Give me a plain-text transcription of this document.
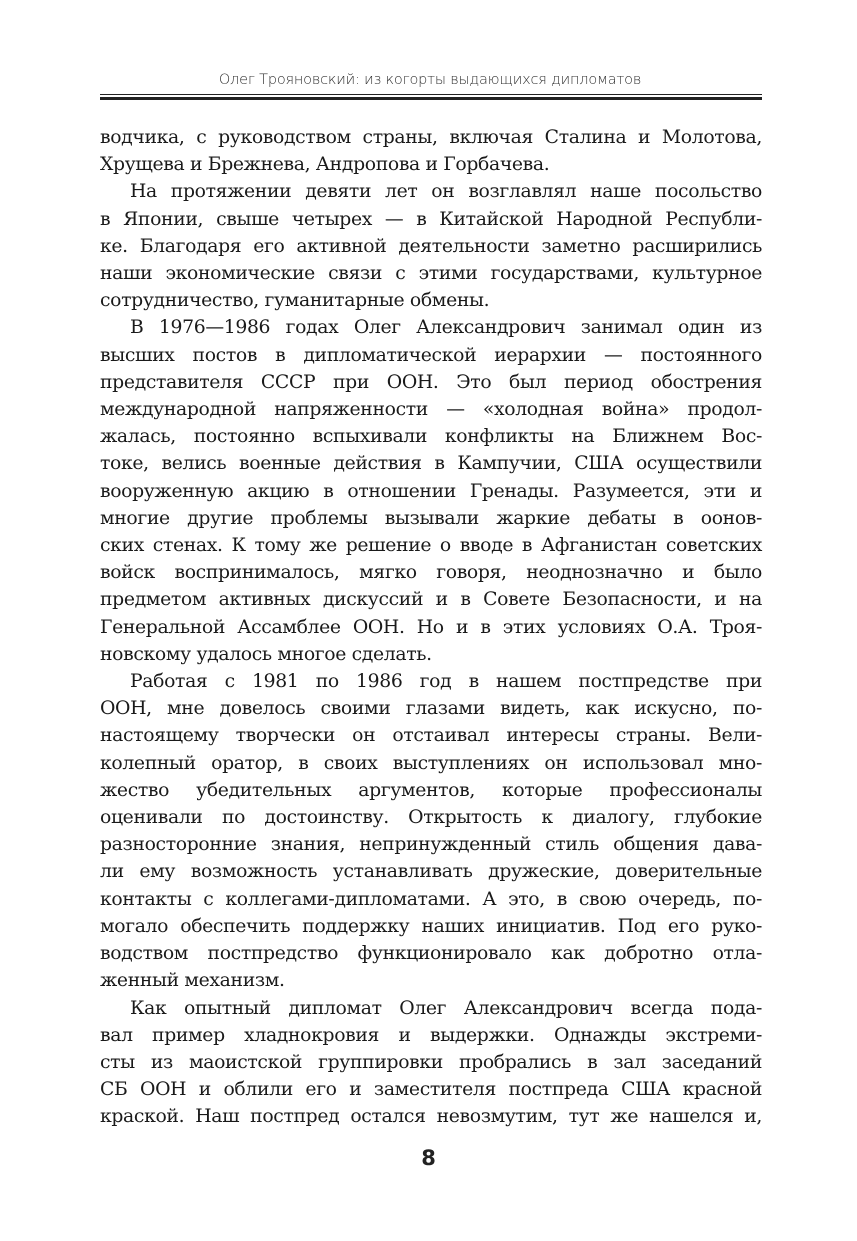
Олег Трояновский: из когорты выдающихся дипломатов
водчика, с руководством страны, включая Сталина и Молотова,
Хрущева и Брежнева, Андропова и Горбачева.
На протяжении девяти лет он возглавлял наше посольство
в Японии, свыше четырех — в Китайской Народной Республи-
ке. Благодаря его активной деятельности заметно расширились
наши экономические связи с этими государствами, культурное
сотрудничество, гуманитарные обмены.
В 1976—1986 годах Олег Александрович занимал один из
высших постов в дипломатической иерархии — постоянного
представителя СССР при ООН. Это был период обострения
международной напряженности — «холодная война» продол-
жалась, постоянно вспыхивали конфликты на Ближнем Вос-
токе, велись военные действия в Кампучии, США осуществили
вооруженную акцию в отношении Гренады. Разумеется, эти и
многие другие проблемы вызывали жаркие дебаты в оонов-
ских стенах. К тому же решение о вводе в Афганистан советских
войск воспринималось, мягко говоря, неоднозначно и было
предметом активных дискуссий и в Совете Безопасности, и на
Генеральной Ассамблее ООН. Но и в этих условиях О.А. Троя-
новскому удалось многое сделать.
Работая с 1981 по 1986 год в нашем постпредстве при
ООН, мне довелось своими глазами видеть, как искусно, по-
настоящему творчески он отстаивал интересы страны. Вели-
колепный оратор, в своих выступлениях он использовал мно-
жество убедительных аргументов, которые профессионалы
оценивали по достоинству. Открытость к диалогу, глубокие
разносторонние знания, непринужденный стиль общения дава-
ли ему возможность устанавливать дружеские, доверительные
контакты с коллегами-дипломатами. А это, в свою очередь, по-
могало обеспечить поддержку наших инициатив. Под его руко-
водством постпредство функционировало как добротно отла-
женный механизм.
Как опытный дипломат Олег Александрович всегда пода-
вал пример хладнокровия и выдержки. Однажды экстреми-
сты из маоистской группировки пробрались в зал заседаний
СБ ООН и облили его и заместителя постпреда США красной
краской. Наш постпред остался невозмутим, тут же нашелся и,
8
